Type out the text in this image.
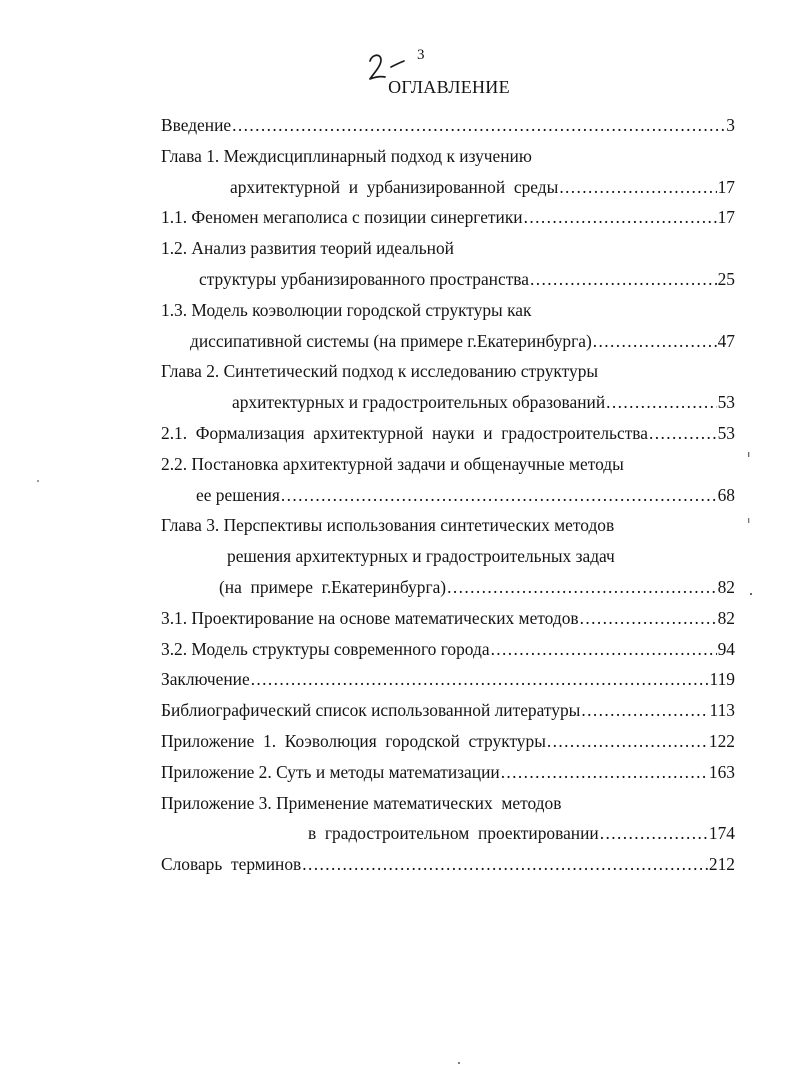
3
ОГЛАВЛЕНИЕ
Введение .....	3
Глава 1. Междисциплинарный подход к изучению
архитектурной  и  урбанизированной  среды .....	17
1.1. Феномен мегаполиса с позиции синергетики .....	17
1.2. Анализ развития теорий идеальной
структуры урбанизированного пространства .....	25
1.3. Модель коэволюции городской структуры как
диссипативной системы (на примере г.Екатеринбурга) .....	47
Глава 2. Синтетический подход к исследованию структуры
архитектурных и градостроительных образований .....	53
2.1.  Формализация  архитектурной  науки  и  градостроительства .....	53
2.2. Постановка архитектурной задачи и общенаучные методы
ее решения .....	68
Глава 3. Перспективы использования синтетических методов
решения архитектурных и градостроительных задач
(на  примере  г.Екатеринбурга) .....	82
3.1. Проектирование на основе математических методов .....	82
3.2. Модель структуры современного города .....	94
Заключение .....	119
Библиографический список использованной литературы .....	113
Приложение  1.  Коэволюция  городской  структуры .....	122
Приложение 2. Суть и методы математизации .....	163
Приложение 3. Применение математических  методов
в  градостроительном  проектировании .....	174
Словарь  терминов .....	212
